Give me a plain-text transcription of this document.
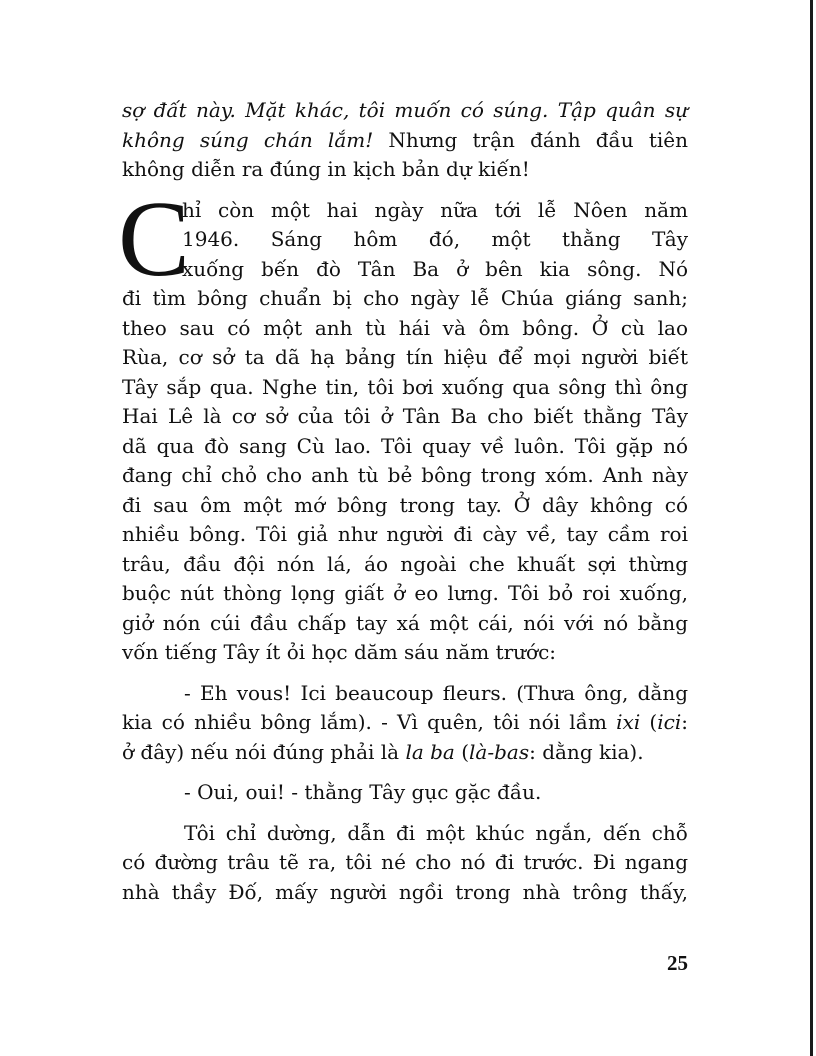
sợ đất này. Mặt khác, tôi muốn có súng. Tập quân sự
không súng chán lắm! Nhưng trận đánh đầu tiên
không diễn ra đúng in kịch bản dự kiến!
C
hỉ còn một hai ngày nữa tới lễ Nôen năm
1946. Sáng hôm đó, một thằng Tây
xuống bến đò Tân Ba ở bên kia sông. Nó
đi tìm bông chuẩn bị cho ngày lễ Chúa giáng sanh;
theo sau có một anh tù hái và ôm bông. Ở cù lao
Rùa, cơ sở ta dã hạ bảng tín hiệu để mọi người biết
Tây sắp qua. Nghe tin, tôi bơi xuống qua sông thì ông
Hai Lê là cơ sở của tôi ở Tân Ba cho biết thằng Tây
dã qua đò sang Cù lao. Tôi quay về luôn. Tôi gặp nó
đang chỉ chỏ cho anh tù bẻ bông trong xóm. Anh này
đi sau ôm một mớ bông trong tay. Ở dây không có
nhiều bông. Tôi giả như người đi cày về, tay cầm roi
trâu, đầu đội nón lá, áo ngoài che khuất sợi thừng
buộc nút thòng lọng giất ở eo lưng. Tôi bỏ roi xuống,
giở nón cúi đầu chấp tay xá một cái, nói với nó bằng
vốn tiếng Tây ít ỏi học dăm sáu năm trước:
- Eh vous! Ici beaucoup fleurs. (Thưa ông, dằng
kia có nhiều bông lắm). - Vì quên, tôi nói lầm ixi (ici:
ở đây) nếu nói đúng phải là la ba (là-bas: dằng kia).
- Oui, oui! - thằng Tây gục gặc đầu.
Tôi chỉ dường, dẫn đi một khúc ngắn, dến chỗ
có đường trâu tẽ ra, tôi né cho nó đi trước. Đi ngang
nhà thầy Đố, mấy người ngồi trong nhà trông thấy,
25
